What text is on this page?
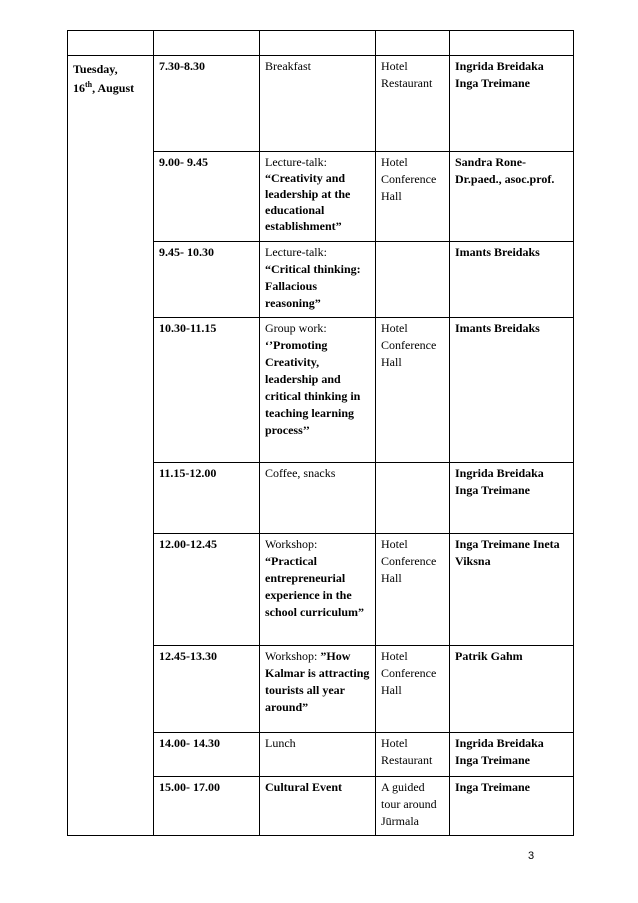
Tuesday,
16th, August	7.30-8.30	Breakfast	Hotel
Restaurant	Ingrida Breidaka
Inga Treimane
	9.00- 9.45	Lecture-talk:
“Creativity and leadership at the educational establishment”	Hotel
Conference
Hall	Sandra Rone-
Dr.paed., asoc.prof.
	9.45- 10.30	Lecture-talk:
“Critical thinking: Fallacious reasoning”		Imants Breidaks
	10.30-11.15	Group work:
‘’Promoting Creativity, leadership and critical thinking in teaching learning process’’	Hotel
Conference
Hall	Imants Breidaks
	11.15-12.00	Coffee, snacks		Ingrida Breidaka
Inga Treimane
	12.00-12.45	Workshop:
“Practical entrepreneurial experience in the school curriculum”	Hotel
Conference
Hall	Inga Treimane Ineta Viksna
	12.45-13.30	Workshop: ”How Kalmar is attracting tourists all year around”	Hotel
Conference
Hall	Patrik Gahm
	14.00- 14.30	Lunch	Hotel
Restaurant	Ingrida Breidaka
Inga Treimane
	15.00- 17.00	Cultural Event	A guided
tour around
Jūrmala	Inga Treimane
3
